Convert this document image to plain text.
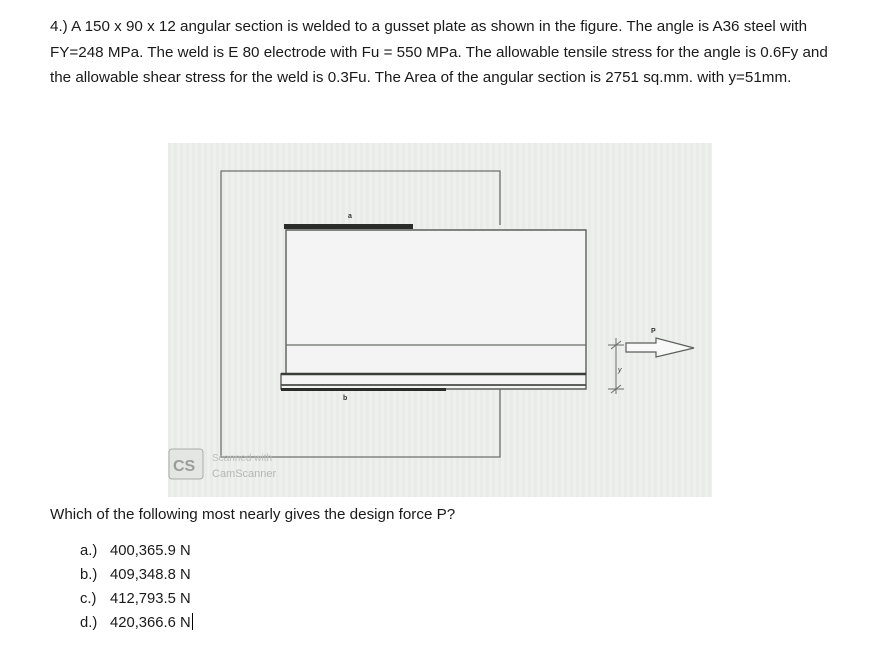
4.) A 150 x 90 x 12 angular section is welded to a gusset plate as shown in the figure. The angle is A36 steel with FY=248 MPa. The weld is E 80 electrode with Fu = 550 MPa. The allowable tensile stress for the angle is 0.6Fy and the allowable shear stress for the weld is 0.3Fu. The Area of the angular section is 2751 sq.mm. with y=51mm.

a
b
y
P
CS Scanned with
CamScanner

Which of the following most nearly gives the design force P?

a.) 400,365.9 N
b.) 409,348.8 N
c.) 412,793.5 N
d.) 420,366.6 N
